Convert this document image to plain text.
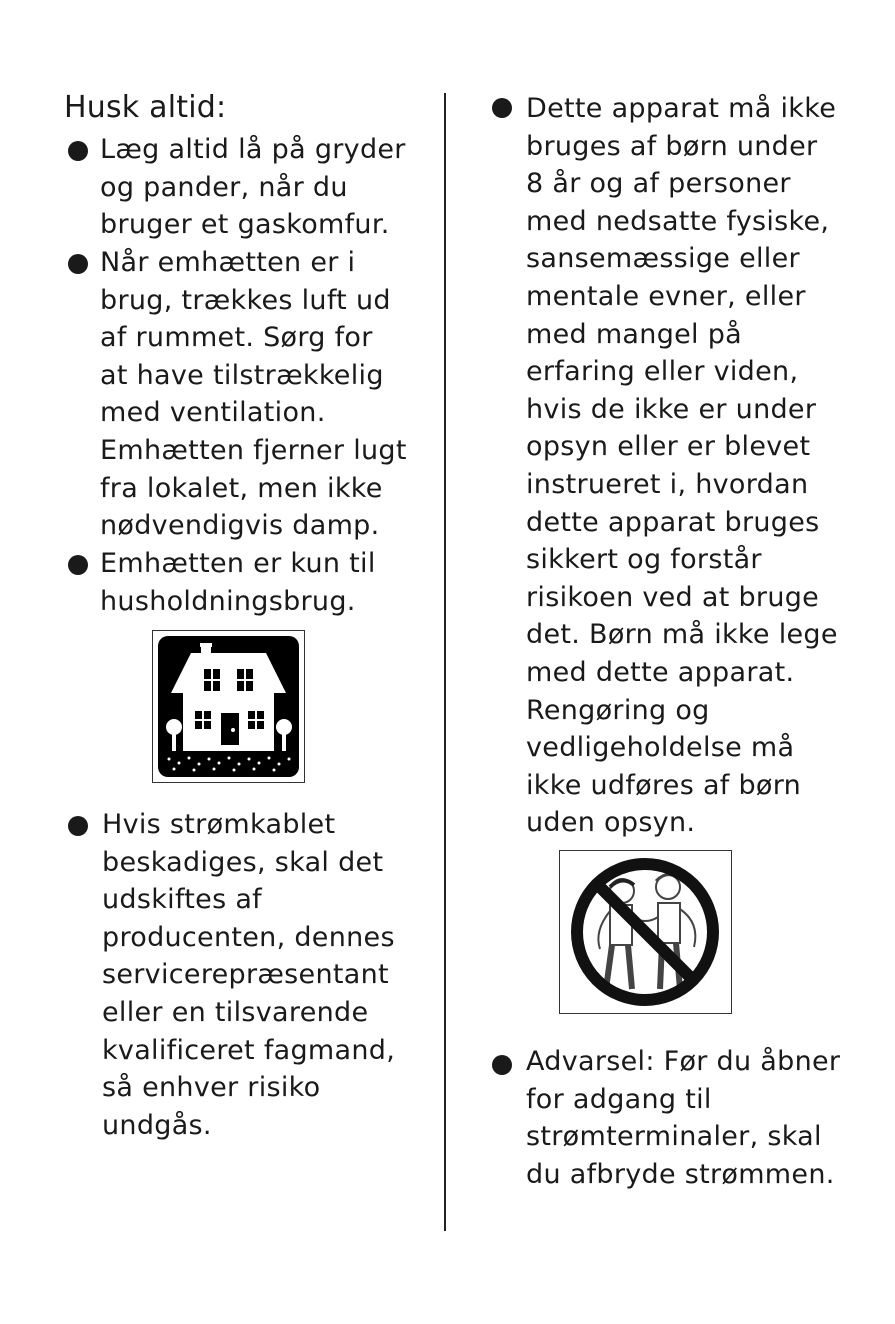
Husk altid:
Læg altid lå på gryder
og pander, når du
bruger et gaskomfur.
Når emhætten er i
brug, trækkes luft ud
af rummet. Sørg for
at have tilstrækkelig
med ventilation.
Emhætten fjerner lugt
fra lokalet, men ikke
nødvendigvis damp.
Emhætten er kun til
husholdningsbrug.
Hvis strømkablet
beskadiges, skal det
udskiftes af
producenten, dennes
servicerepræsentant
eller en tilsvarende
kvalificeret fagmand,
så enhver risiko
undgås.
Dette apparat må ikke
bruges af børn under
8 år og af personer
med nedsatte fysiske,
sansemæssige eller
mentale evner, eller
med mangel på
erfaring eller viden,
hvis de ikke er under
opsyn eller er blevet
instrueret i, hvordan
dette apparat bruges
sikkert og forstår
risikoen ved at bruge
det. Børn må ikke lege
med dette apparat.
Rengøring og
vedligeholdelse må
ikke udføres af børn
uden opsyn.
Advarsel: Før du åbner
for adgang til
strømterminaler, skal
du afbryde strømmen.
